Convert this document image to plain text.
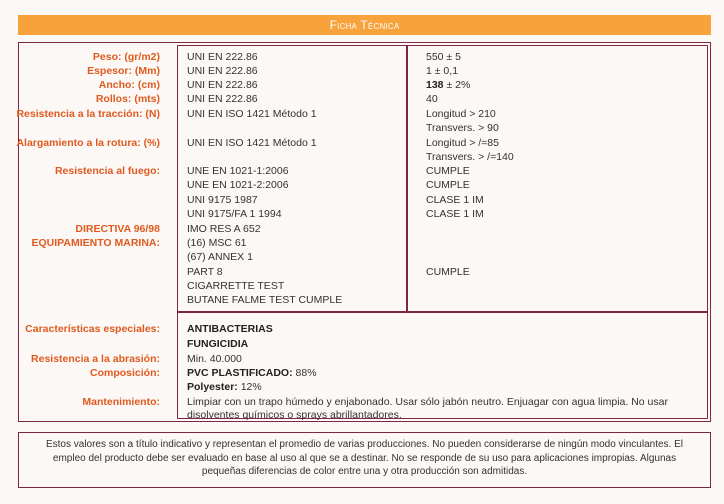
Ficha Técnica
Peso: (gr/m2)
Espesor: (Mm)
Ancho: (cm)
Rollos: (mts)
Resistencia a la tracción: (N)
Alargamiento a la rotura: (%)
Resistencia al fuego:
DIRECTIVA 96/98
EQUIPAMIENTO MARINA:
Características especiales:
Resistencia a la abrasión:
Composición:
Mantenimiento:
UNI EN 222.86
UNI EN 222.86
UNI EN 222.86
UNI EN 222.86
UNI EN ISO 1421 Método 1
UNI EN ISO 1421 Método 1
UNE EN 1021-1:2006
UNE EN 1021-2:2006
UNI 9175 1987
UNI 9175/FA 1 1994
IMO RES A 652
(16) MSC 61
(67) ANNEX 1
PART 8
CIGARRETTE TEST
BUTANE FALME TEST CUMPLE
550 ± 5
1 ± 0,1
138 ± 2%
40
Longitud > 210
Transvers. > 90
Longitud > /=85
Transvers. > /=140
CUMPLE
CUMPLE
CLASE 1 IM
CLASE 1 IM
CUMPLE
ANTIBACTERIAS
FUNGICIDIA
Min. 40.000
PVC PLASTIFICADO: 88%
Polyester: 12%
Limpiar con un trapo húmedo y enjabonado. Usar sólo jabón neutro. Enjuagar con agua limpia. No usar disolventes químicos o sprays abrillantadores.
Estos valores son a título indicativo y representan el promedio de varias producciones. No pueden considerarse de ningún modo vinculantes. El empleo del producto debe ser evaluado en base al uso al que se a destinar. No se responde de su uso para aplicaciones impropias. Algunas pequeñas diferencias de color entre una y otra producción son admitidas.
